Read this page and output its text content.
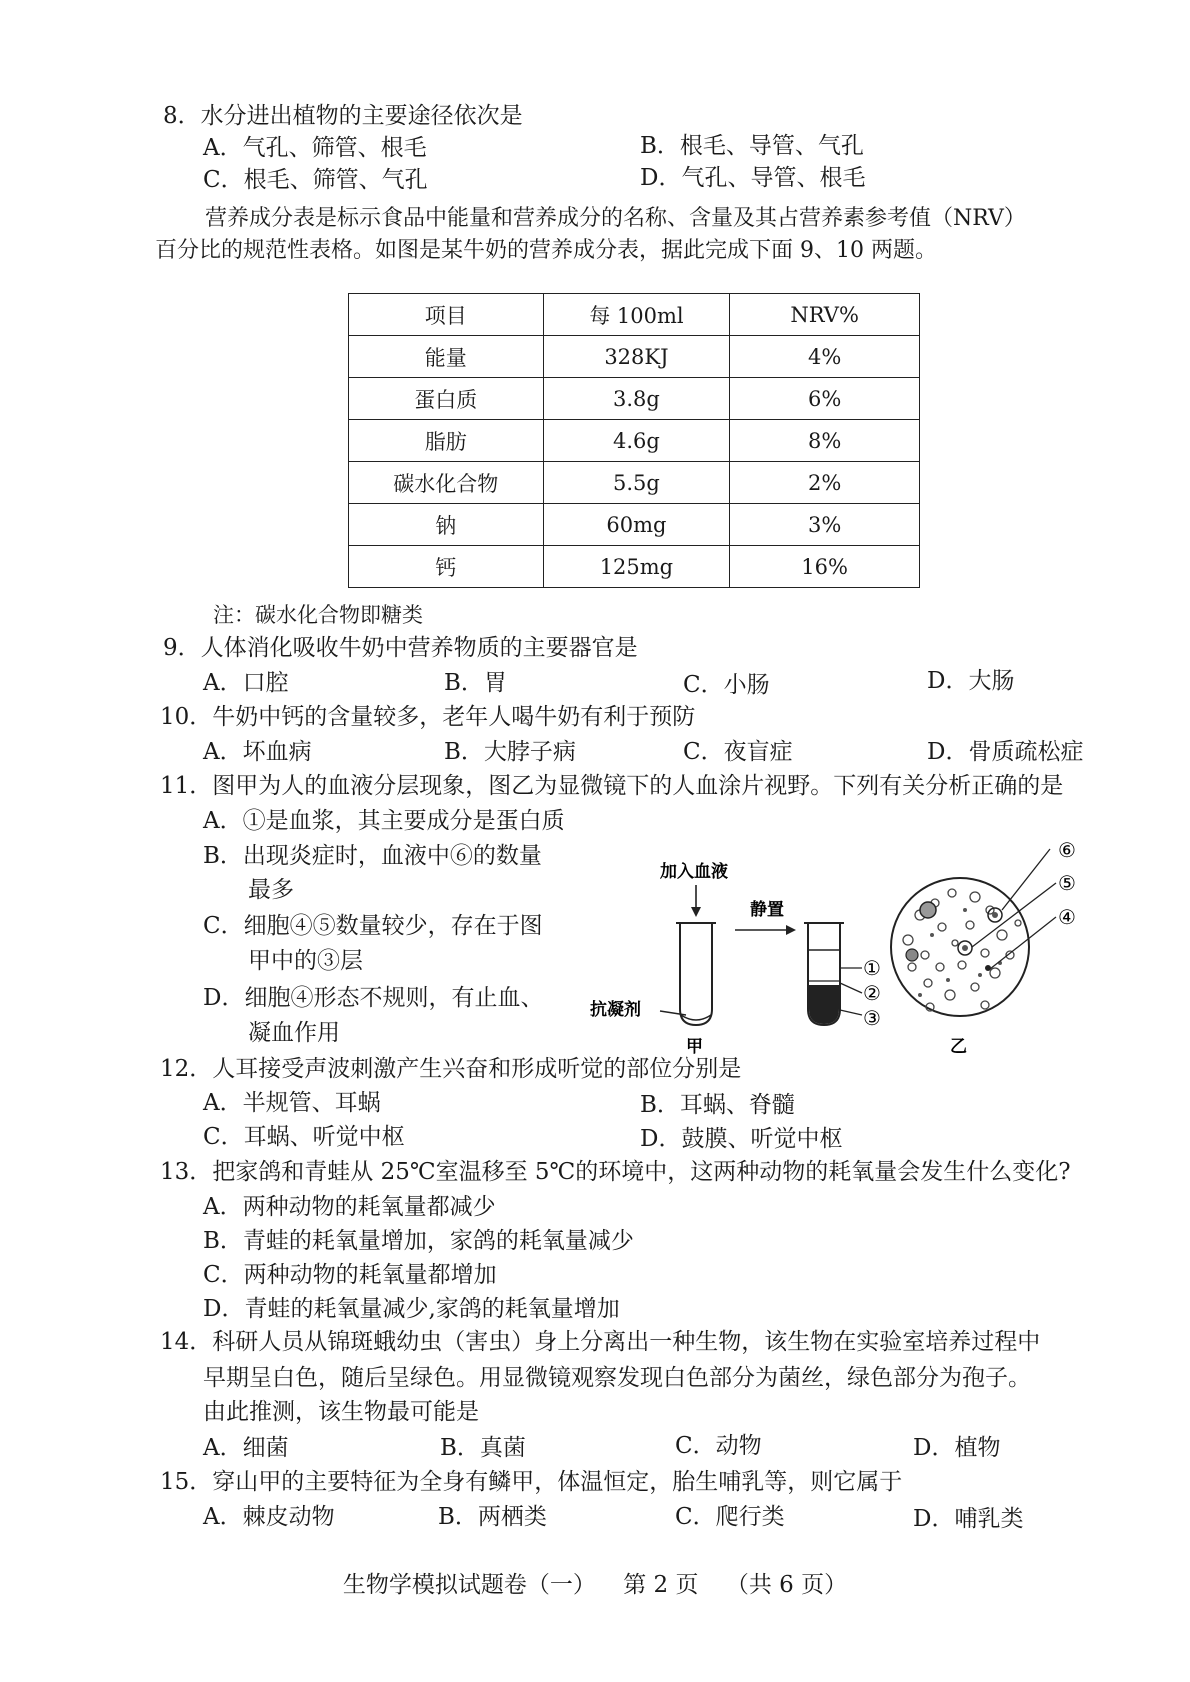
8．水分进出植物的主要途径依次是
A．气孔、筛管、根毛	B．根毛、导管、气孔
C．根毛、筛管、气孔	D．气孔、导管、根毛
营养成分表是标示食品中能量和营养成分的名称、含量及其占营养素参考值（NRV）
百分比的规范性表格。如图是某牛奶的营养成分表，据此完成下面 9、10 两题。
项目	每 100ml	NRV%
能量	328KJ	4%
蛋白质	3.8g	6%
脂肪	4.6g	8%
碳水化合物	5.5g	2%
钠	60mg	3%
钙	125mg	16%
注：碳水化合物即糖类
9．人体消化吸收牛奶中营养物质的主要器官是
A．口腔	B．胃	C．小肠	D．大肠
10．牛奶中钙的含量较多，老年人喝牛奶有利于预防
A．坏血病	B．大脖子病	C．夜盲症	D．骨质疏松症
11．图甲为人的血液分层现象，图乙为显微镜下的人血涂片视野。下列有关分析正确的是
A．①是血浆，其主要成分是蛋白质
B．出现炎症时，血液中⑥的数量
最多
C．细胞④⑤数量较少，存在于图
甲中的③层
D．细胞④形态不规则，有止血、
凝血作用
加入血液
抗凝剂
静置
①
②
③
甲
⑥
⑤
④
乙
12．人耳接受声波刺激产生兴奋和形成听觉的部位分别是
A．半规管、耳蜗	B．耳蜗、脊髓
C．耳蜗、听觉中枢	D．鼓膜、听觉中枢
13．把家鸽和青蛙从 25℃室温移至 5℃的环境中，这两种动物的耗氧量会发生什么变化?
A．两种动物的耗氧量都减少
B．青蛙的耗氧量增加，家鸽的耗氧量减少
C．两种动物的耗氧量都增加
D．青蛙的耗氧量减少,家鸽的耗氧量增加
14．科研人员从锦斑蛾幼虫（害虫）身上分离出一种生物，该生物在实验室培养过程中
早期呈白色，随后呈绿色。用显微镜观察发现白色部分为菌丝，绿色部分为孢子。
由此推测，该生物最可能是
A．细菌	B．真菌	C．动物	D．植物
15．穿山甲的主要特征为全身有鳞甲，体温恒定，胎生哺乳等，则它属于
A．棘皮动物	B．两栖类	C．爬行类	D．哺乳类
生物学模拟试题卷（一） 第 2 页 （共 6 页）
